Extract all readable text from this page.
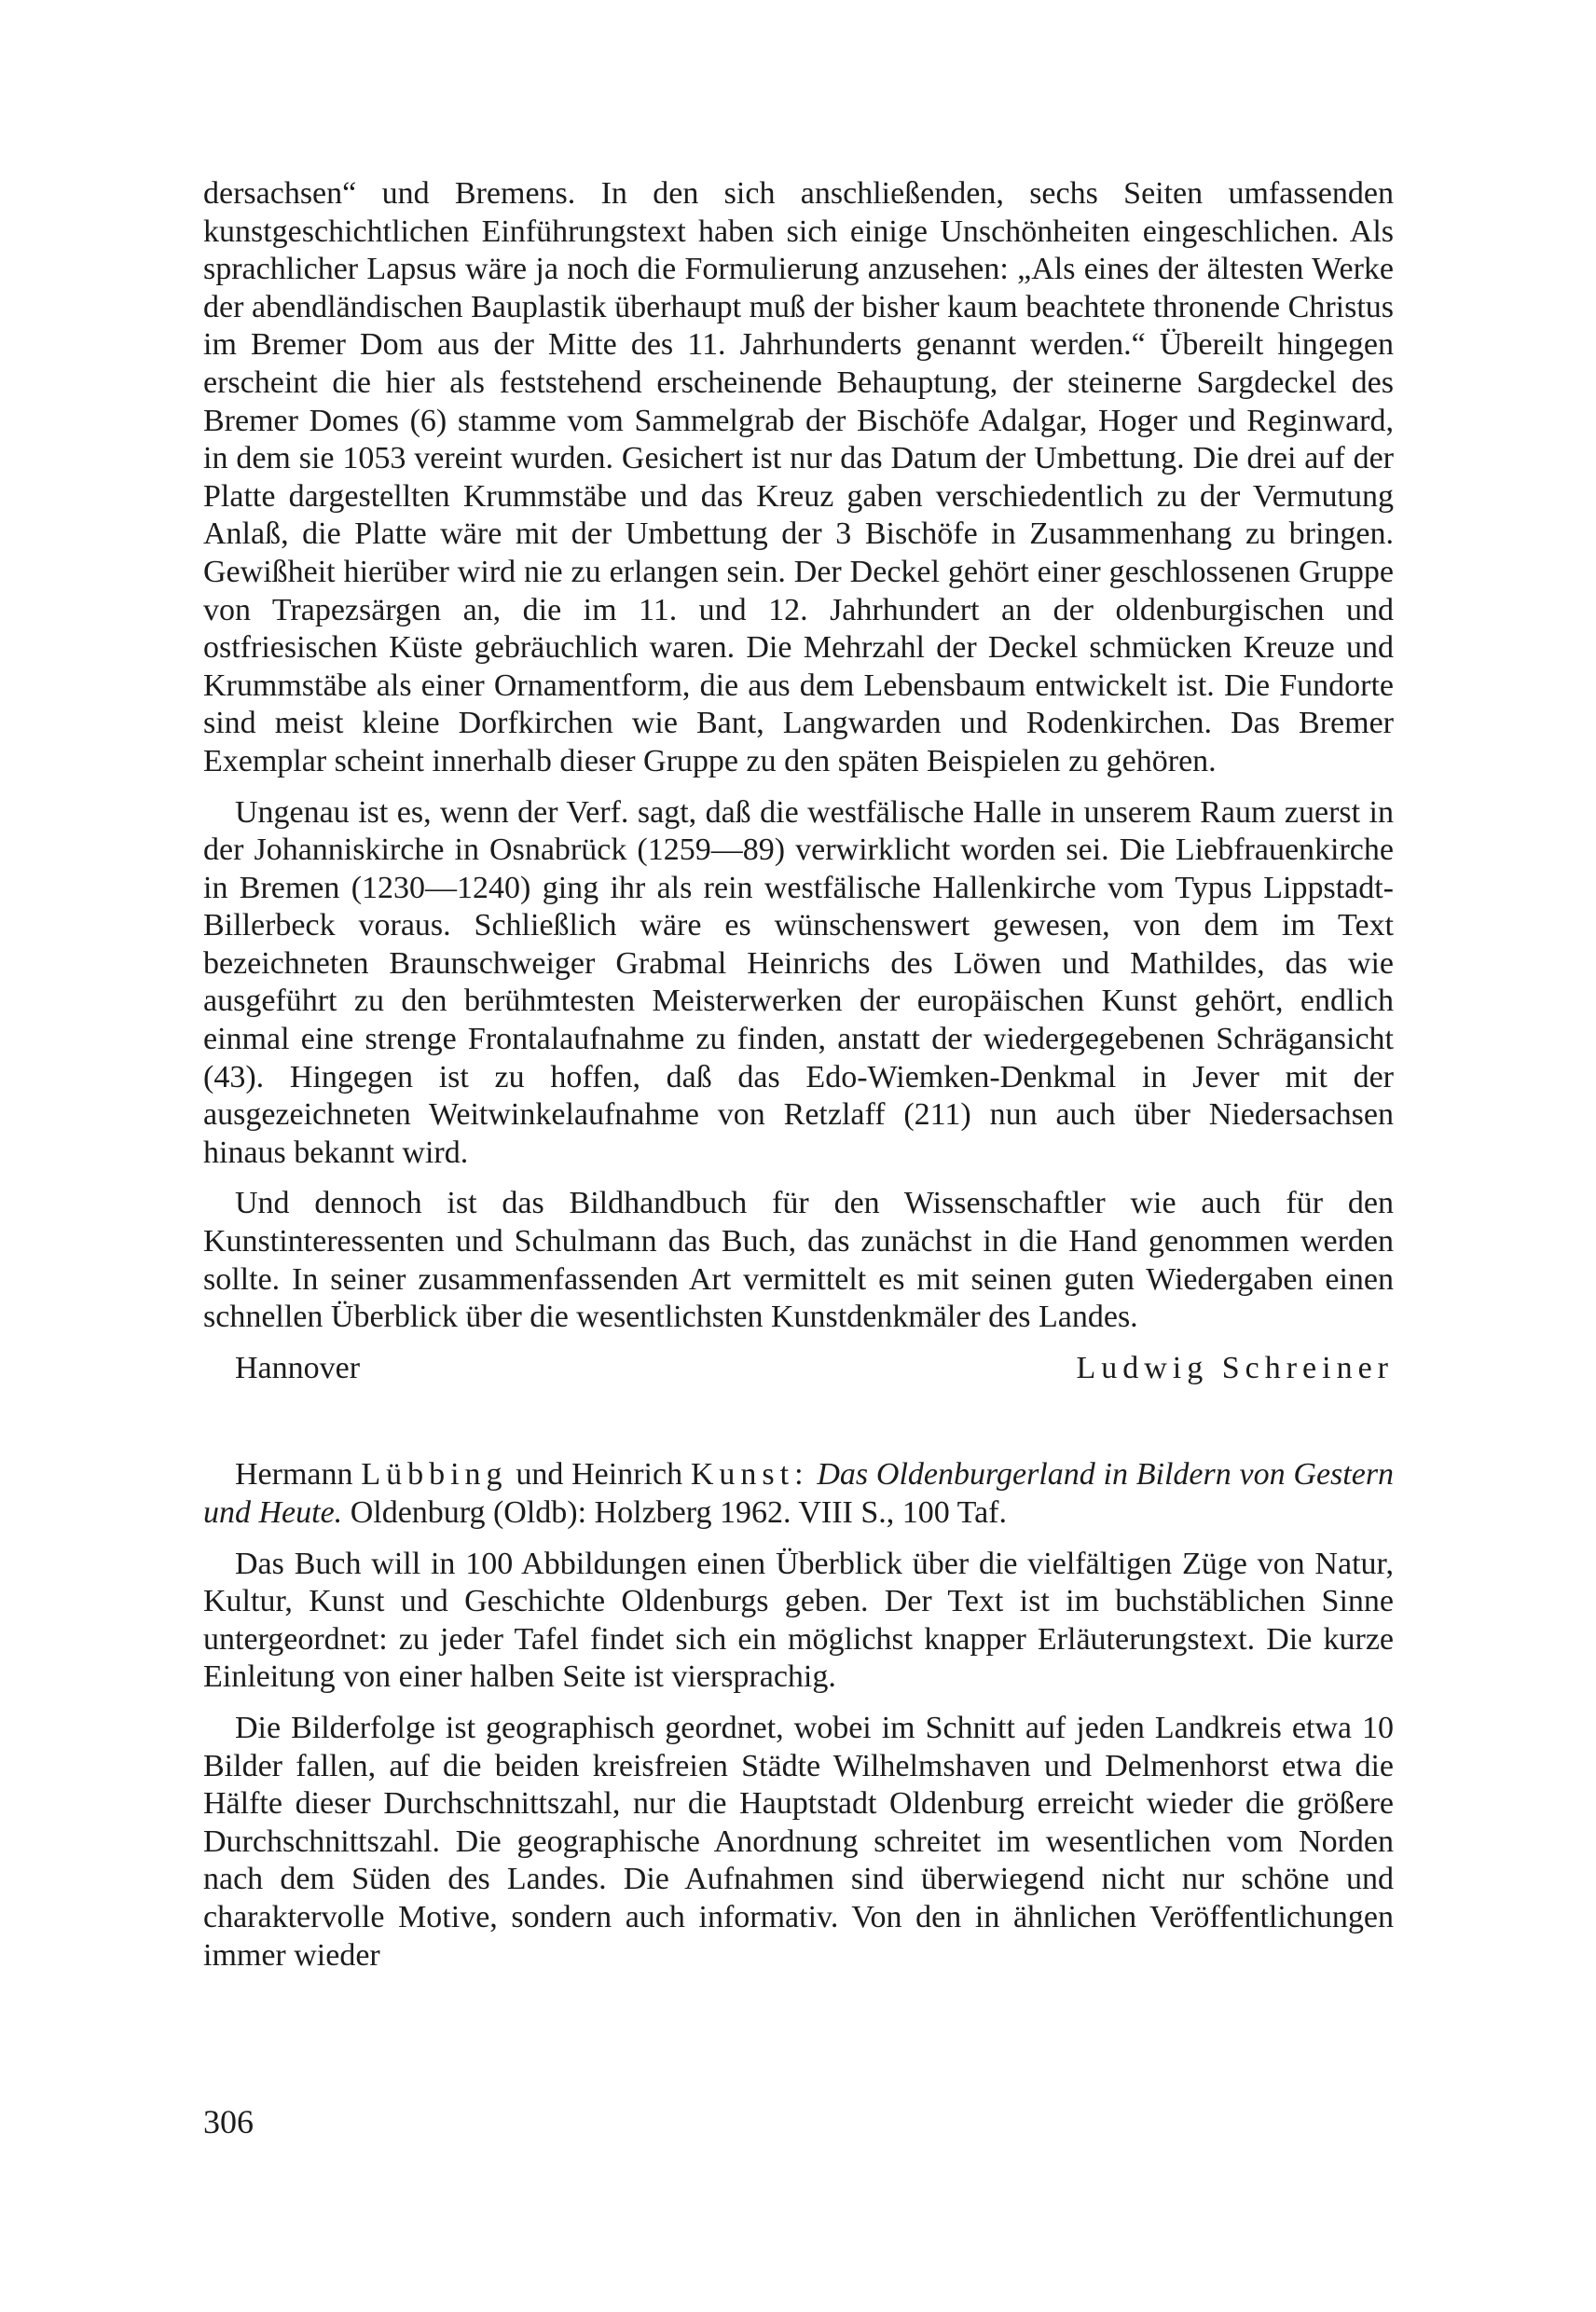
dersachsen“ und Bremens. In den sich anschließenden, sechs Seiten umfassenden kunstgeschichtlichen Einführungstext haben sich einige Unschönheiten eingeschlichen. Als sprachlicher Lapsus wäre ja noch die Formulierung anzusehen: „Als eines der ältesten Werke der abendländischen Bauplastik überhaupt muß der bisher kaum beachtete thronende Christus im Bremer Dom aus der Mitte des 11. Jahrhunderts genannt werden.“ Übereilt hingegen erscheint die hier als feststehend erscheinende Behauptung, der steinerne Sargdeckel des Bremer Domes (6) stamme vom Sammelgrab der Bischöfe Adalgar, Hoger und Reginward, in dem sie 1053 vereint wurden. Gesichert ist nur das Datum der Umbettung. Die drei auf der Platte dargestellten Krummstäbe und das Kreuz gaben verschiedentlich zu der Vermutung Anlaß, die Platte wäre mit der Umbettung der 3 Bischöfe in Zusammenhang zu bringen. Gewißheit hierüber wird nie zu erlangen sein. Der Deckel gehört einer geschlossenen Gruppe von Trapezsärgen an, die im 11. und 12. Jahrhundert an der oldenburgischen und ostfriesischen Küste gebräuchlich waren. Die Mehrzahl der Deckel schmücken Kreuze und Krummstäbe als einer Ornamentform, die aus dem Lebensbaum entwickelt ist. Die Fundorte sind meist kleine Dorfkirchen wie Bant, Langwarden und Rodenkirchen. Das Bremer Exemplar scheint innerhalb dieser Gruppe zu den späten Beispielen zu gehören.

Ungenau ist es, wenn der Verf. sagt, daß die westfälische Halle in unserem Raum zuerst in der Johanniskirche in Osnabrück (1259—89) verwirklicht worden sei. Die Liebfrauenkirche in Bremen (1230—1240) ging ihr als rein westfälische Hallenkirche vom Typus Lippstadt-Billerbeck voraus. Schließlich wäre es wünschenswert gewesen, von dem im Text bezeichneten Braunschweiger Grabmal Heinrichs des Löwen und Mathildes, das wie ausgeführt zu den berühmtesten Meisterwerken der europäischen Kunst gehört, endlich einmal eine strenge Frontalaufnahme zu finden, anstatt der wiedergegebenen Schrägansicht (43). Hingegen ist zu hoffen, daß das Edo-Wiemken-Denkmal in Jever mit der ausgezeichneten Weitwinkelaufnahme von Retzlaff (211) nun auch über Niedersachsen hinaus bekannt wird.

Und dennoch ist das Bildhandbuch für den Wissenschaftler wie auch für den Kunstinteressenten und Schulmann das Buch, das zunächst in die Hand genommen werden sollte. In seiner zusammenfassenden Art vermittelt es mit seinen guten Wiedergaben einen schnellen Überblick über die wesentlichsten Kunstdenkmäler des Landes.

Hannover	Ludwig Schreiner

Hermann Lübbing und Heinrich Kunst: Das Oldenburgerland in Bildern von Gestern und Heute. Oldenburg (Oldb): Holzberg 1962. VIII S., 100 Taf.

Das Buch will in 100 Abbildungen einen Überblick über die vielfältigen Züge von Natur, Kultur, Kunst und Geschichte Oldenburgs geben. Der Text ist im buchstäblichen Sinne untergeordnet: zu jeder Tafel findet sich ein möglichst knapper Erläuterungstext. Die kurze Einleitung von einer halben Seite ist viersprachig.

Die Bilderfolge ist geographisch geordnet, wobei im Schnitt auf jeden Landkreis etwa 10 Bilder fallen, auf die beiden kreisfreien Städte Wilhelmshaven und Delmenhorst etwa die Hälfte dieser Durchschnittszahl, nur die Hauptstadt Oldenburg erreicht wieder die größere Durchschnittszahl. Die geographische Anordnung schreitet im wesentlichen vom Norden nach dem Süden des Landes. Die Aufnahmen sind überwiegend nicht nur schöne und charaktervolle Motive, sondern auch informativ. Von den in ähnlichen Veröffentlichungen immer wieder

306
